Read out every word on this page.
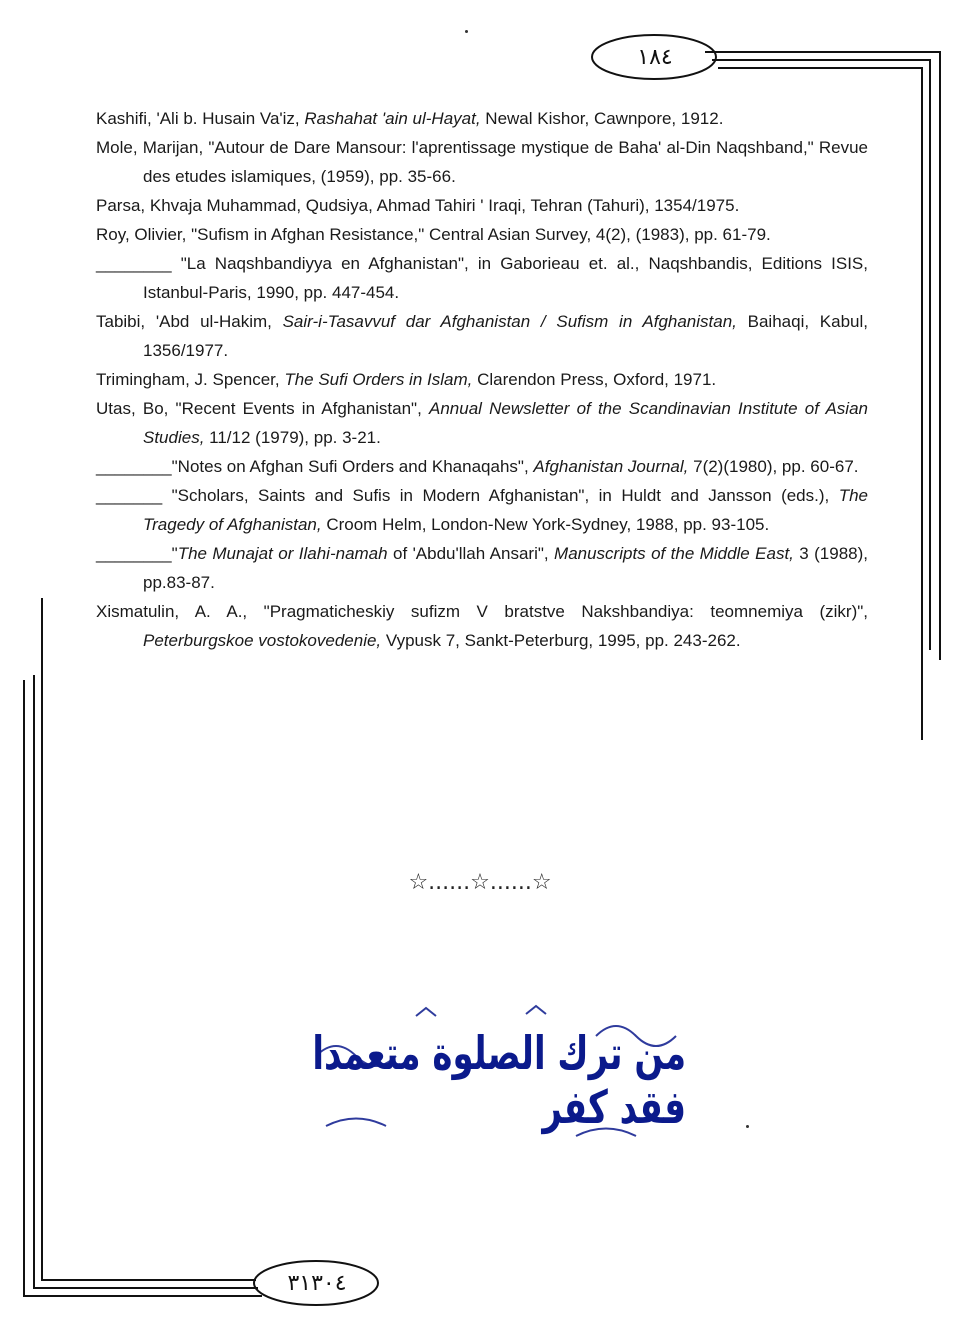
١٨٤
٣١٣٠٤

Kashifi, 'Ali b. Husain Va'iz, Rashahat 'ain ul-Hayat, Newal Kishor, Cawnpore, 1912.

Mole, Marijan, "Autour de Dare Mansour: l'aprentissage mystique de Baha' al-Din Naqshband," Revue des etudes islamiques, (1959), pp. 35-66.

Parsa, Khvaja Muhammad, Qudsiya, Ahmad Tahiri ' Iraqi, Tehran (Tahuri), 1354/1975.

Roy, Olivier, "Sufism in Afghan Resistance," Central Asian Survey, 4(2), (1983), pp. 61-79.

________ "La Naqshbandiyya en Afghanistan", in Gaborieau et. al., Naqshbandis, Editions ISIS, Istanbul-Paris, 1990, pp. 447-454.

Tabibi, 'Abd ul-Hakim, Sair-i-Tasavvuf dar Afghanistan / Sufism in Afghanistan, Baihaqi, Kabul, 1356/1977.

Trimingham, J. Spencer, The Sufi Orders in Islam, Clarendon Press, Oxford, 1971.

Utas, Bo, "Recent Events in Afghanistan", Annual Newsletter of the Scandinavian Institute of Asian Studies, 11/12 (1979), pp. 3-21.

________"Notes on Afghan Sufi Orders and Khanaqahs", Afghanistan Journal, 7(2)(1980), pp. 60-67.

_______ "Scholars, Saints and Sufis in Modern Afghanistan", in Huldt and Jansson (eds.), The Tragedy of Afghanistan, Croom Helm, London-New York-Sydney, 1988, pp. 93-105.

________"The Munajat or Ilahi-namah of 'Abdu'llah Ansari", Manuscripts of the Middle East, 3 (1988), pp.83-87.

Xismatulin, A. A., "Pragmaticheskiy sufizm V bratstve Nakshbandiya: teomnemiya (zikr)", Peterburgskoe vostokovedenie, Vypusk 7, Sankt-Peterburg, 1995, pp. 243-262.

☆......☆......☆
من ترك الصلوة متعمدا فقد كفر
